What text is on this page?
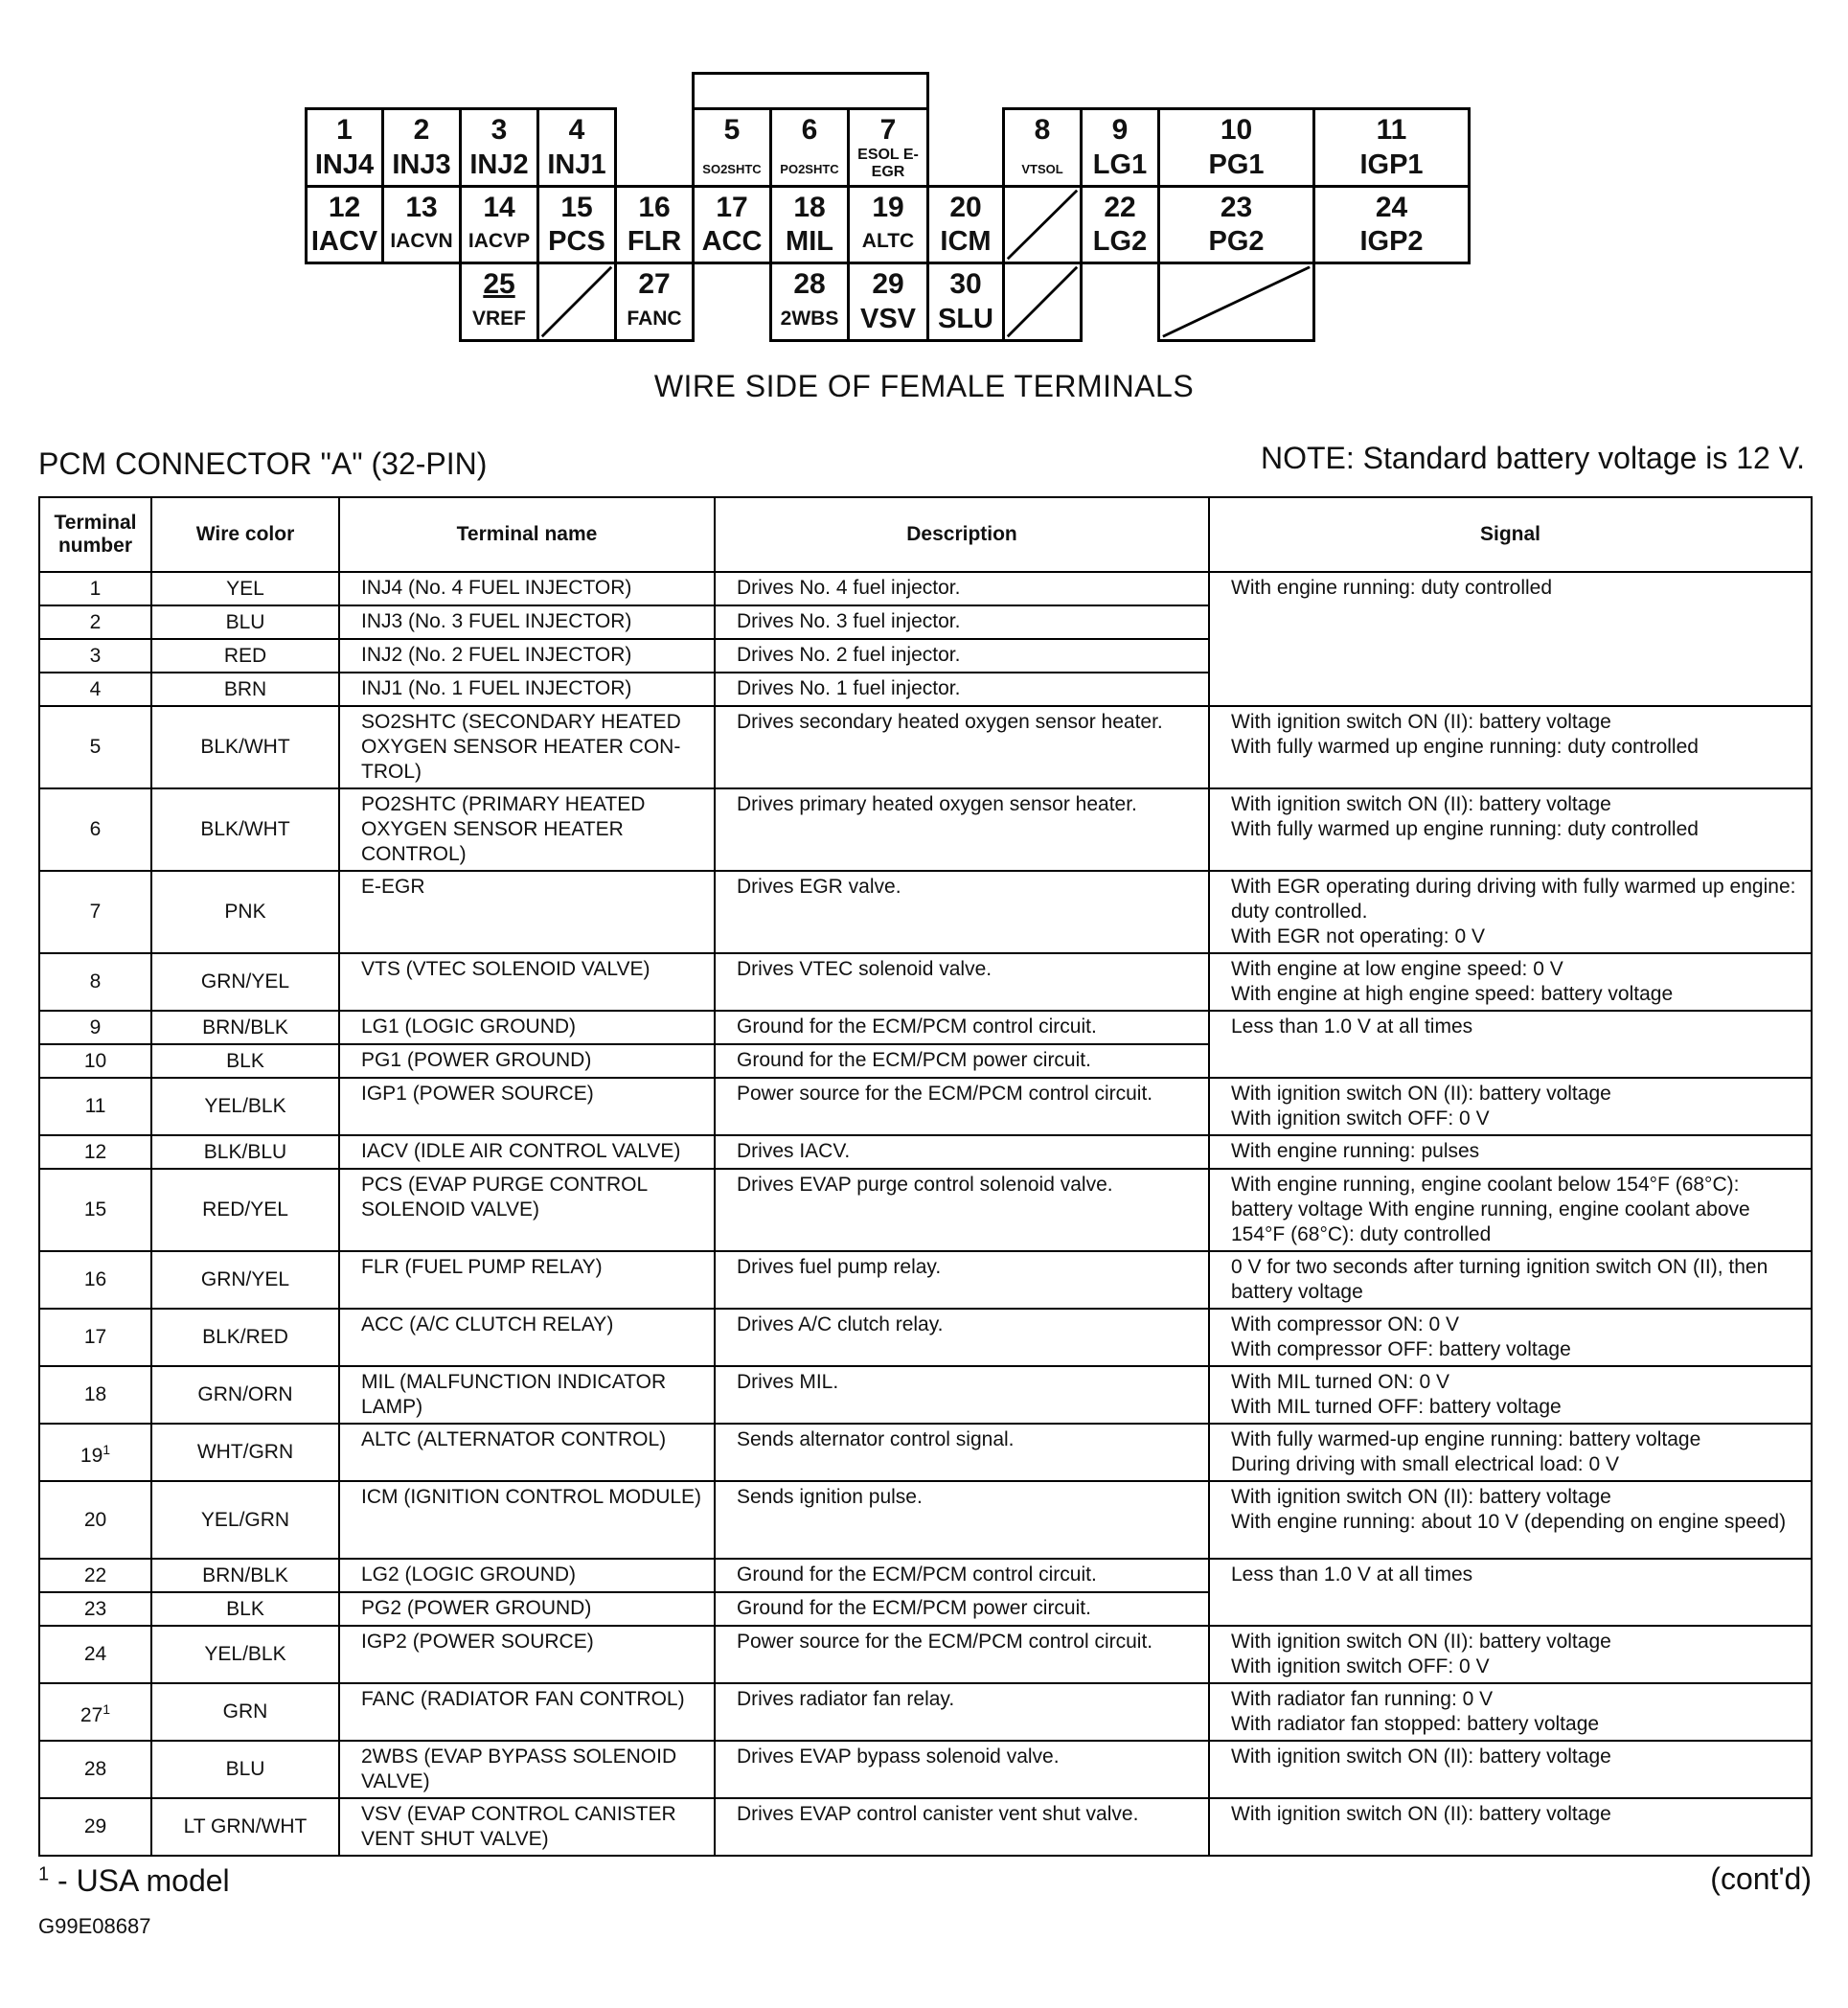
1
INJ4
2
INJ3
3
INJ2
4
INJ1
5
SO2SHTC
6
PO2SHTC
7
ESOL E-EGR
8
VTSOL
9
LG1
10
PG1
11
IGP1
12
IACV
13
IACVN
14
IACVP
15
PCS
16
FLR
17
ACC
18
MIL
19
ALTC
20
ICM
22
LG2
23
PG2
24
IGP2
25
VREF
27
FANC
28
2WBS
29
VSV
30
SLU
WIRE SIDE OF FEMALE TERMINALS
PCM CONNECTOR "A" (32-PIN)	NOTE: Standard battery voltage is 12 V.
Terminal number	Wire color	Terminal name	Description	Signal
1	YEL	INJ4 (No. 4 FUEL INJECTOR)	Drives No. 4 fuel injector.	With engine running: duty controlled

2	BLU	INJ3 (No. 3 FUEL INJECTOR)	Drives No. 3 fuel injector.	
3	RED	INJ2 (No. 2 FUEL INJECTOR)	Drives No. 2 fuel injector.	
4	BRN	INJ1 (No. 1 FUEL INJECTOR)	Drives No. 1 fuel injector.	
5	BLK/WHT	SO2SHTC (SECONDARY HEATED OXYGEN SENSOR HEATER CON- TROL)	Drives secondary heated oxygen sensor heater.	With ignition switch ON (II): battery voltage
With fully warmed up engine running: duty controlled

6	BLK/WHT	PO2SHTC (PRIMARY HEATED OXYGEN SENSOR HEATER CONTROL)	Drives primary heated oxygen sensor heater.	With ignition switch ON (II): battery voltage
With fully warmed up engine running: duty controlled

7	PNK	E-EGR	Drives EGR valve.	With EGR operating during driving with fully warmed up engine: duty controlled.
With EGR not operating: 0 V

8	GRN/YEL	VTS (VTEC SOLENOID VALVE)	Drives VTEC solenoid valve.	With engine at low engine speed: 0 V
With engine at high engine speed: battery voltage

9	BRN/BLK	LG1 (LOGIC GROUND)	Ground for the ECM/PCM control circuit.	Less than 1.0 V at all times

10	BLK	PG1 (POWER GROUND)	Ground for the ECM/PCM power circuit.	
11	YEL/BLK	IGP1 (POWER SOURCE)	Power source for the ECM/PCM control circuit.	With ignition switch ON (II): battery voltage
With ignition switch OFF: 0 V

12	BLK/BLU	IACV (IDLE AIR CONTROL VALVE)	Drives IACV.	With engine running: pulses

15	RED/YEL	PCS (EVAP PURGE CONTROL SOLENOID VALVE)	Drives EVAP purge control solenoid valve.	With engine running, engine coolant below 154°F (68°C): battery voltage With engine running, engine coolant above 154°F (68°C): duty controlled

16	GRN/YEL	FLR (FUEL PUMP RELAY)	Drives fuel pump relay.	0 V for two seconds after turning ignition switch ON (II), then battery voltage

17	BLK/RED	ACC (A/C CLUTCH RELAY)	Drives A/C clutch relay.	With compressor ON: 0 V
With compressor OFF: battery voltage

18	GRN/ORN	MIL (MALFUNCTION INDICATOR LAMP)	Drives MIL.	With MIL turned ON: 0 V
With MIL turned OFF: battery voltage

19$^1$	WHT/GRN	ALTC (ALTERNATOR CONTROL)	Sends alternator control signal.	With fully warmed-up engine running: battery voltage
During driving with small electrical load: 0 V

20	YEL/GRN	ICM (IGNITION CONTROL MODULE)	Sends ignition pulse.	With ignition switch ON (II): battery voltage
With engine running: about 10 V (depending on engine speed)

22	BRN/BLK	LG2 (LOGIC GROUND)	Ground for the ECM/PCM control circuit.	Less than 1.0 V at all times

23	BLK	PG2 (POWER GROUND)	Ground for the ECM/PCM power circuit.	
24	YEL/BLK	IGP2 (POWER SOURCE)	Power source for the ECM/PCM control circuit.	With ignition switch ON (II): battery voltage
With ignition switch OFF: 0 V

27$^1$	GRN	FANC (RADIATOR FAN CONTROL)	Drives radiator fan relay.	With radiator fan running: 0 V
With radiator fan stopped: battery voltage

28	BLU	2WBS (EVAP BYPASS SOLENOID VALVE)	Drives EVAP bypass solenoid valve.	With ignition switch ON (II): battery voltage

29	LT GRN/WHT	VSV (EVAP CONTROL CANISTER VENT SHUT VALVE)	Drives EVAP control canister vent shut valve.	With ignition switch ON (II): battery voltage
$^1$ - USA model	(cont'd)
G99E08687
